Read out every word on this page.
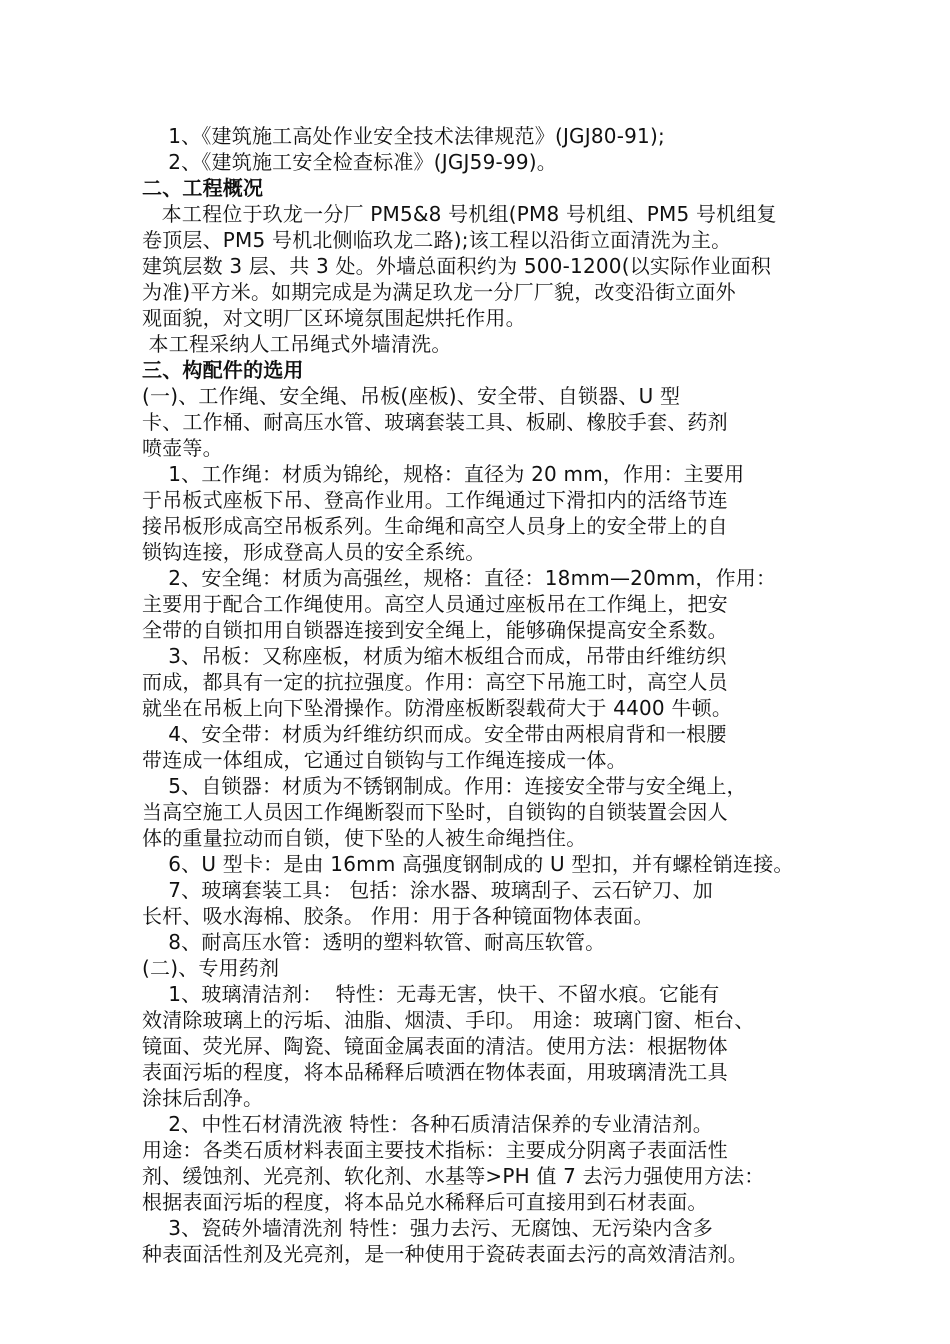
1、《建筑施工高处作业安全技术法律规范》(JGJ80-91);
2、《建筑施工安全检查标准》(JGJ59-99)。
二、工程概况
本工程位于玖龙一分厂 PM5&8 号机组(PM8 号机组、PM5 号机组复
卷顶层、PM5 号机北侧临玖龙二路);该工程以沿街立面清洗为主。
建筑层数 3 层、共 3 处。外墙总面积约为 500-1200(以实际作业面积
为准)平方米。如期完成是为满足玖龙一分厂厂貌，改变沿街立面外
观面貌，对文明厂区环境氛围起烘托作用。
本工程采纳人工吊绳式外墙清洗。
三、构配件的选用
(一)、工作绳、安全绳、吊板(座板)、安全带、自锁器、U 型
卡、工作桶、耐高压水管、玻璃套装工具、板刷、橡胶手套、药剂
喷壶等。
1、工作绳：材质为锦纶，规格：直径为 20 mm，作用：主要用
于吊板式座板下吊、登高作业用。工作绳通过下滑扣内的活络节连
接吊板形成高空吊板系列。生命绳和高空人员身上的安全带上的自
锁钩连接，形成登高人员的安全系统。
2、安全绳：材质为高强丝，规格：直径：18mm—20mm，作用：
主要用于配合工作绳使用。高空人员通过座板吊在工作绳上，把安
全带的自锁扣用自锁器连接到安全绳上，能够确保提高安全系数。
3、吊板：又称座板，材质为缩木板组合而成，吊带由纤维纺织
而成，都具有一定的抗拉强度。作用：高空下吊施工时，高空人员
就坐在吊板上向下坠滑操作。防滑座板断裂载荷大于 4400 牛顿。
4、安全带：材质为纤维纺织而成。安全带由两根肩背和一根腰
带连成一体组成，它通过自锁钩与工作绳连接成一体。
5、自锁器：材质为不锈钢制成。作用：连接安全带与安全绳上，
当高空施工人员因工作绳断裂而下坠时，自锁钩的自锁装置会因人
体的重量拉动而自锁，使下坠的人被生命绳挡住。
6、U 型卡：是由 16mm 高强度钢制成的 U 型扣，并有螺栓销连接。
7、玻璃套装工具： 包括：涂水器、玻璃刮子、云石铲刀、加
长杆、吸水海棉、胶条。 作用：用于各种镜面物体表面。
8、耐高压水管：透明的塑料软管、耐高压软管。
(二)、专用药剂
1、玻璃清洁剂：  特性：无毒无害，快干、不留水痕。它能有
效清除玻璃上的污垢、油脂、烟渍、手印。 用途：玻璃门窗、柜台、
镜面、荧光屏、陶瓷、镜面金属表面的清洁。使用方法：根据物体
表面污垢的程度，将本品稀释后喷洒在物体表面，用玻璃清洗工具
涂抹后刮净。
2、中性石材清洗液 特性：各种石质清洁保养的专业清洁剂。
用途：各类石质材料表面主要技术指标：主要成分阴离子表面活性
剂、缓蚀剂、光亮剂、软化剂、水基等>PH 值 7 去污力强使用方法：
根据表面污垢的程度，将本品兑水稀释后可直接用到石材表面。
3、瓷砖外墙清洗剂 特性：强力去污、无腐蚀、无污染内含多
种表面活性剂及光亮剂，是一种使用于瓷砖表面去污的高效清洁剂。
